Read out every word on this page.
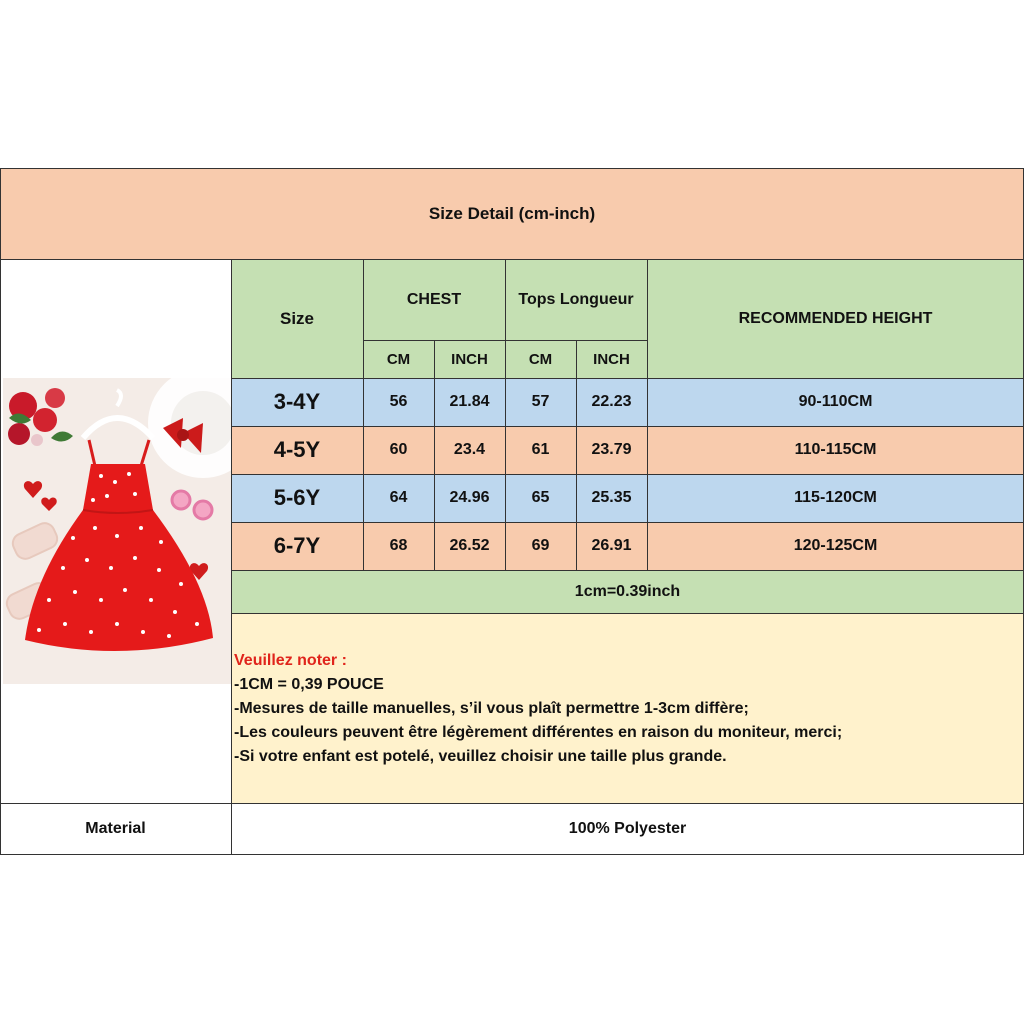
Size Detail (cm-inch)
Size
CHEST
CM	INCH
Tops Longueur
CM	INCH
RECOMMENDED HEIGHT
3-4Y	56	21.84	57	22.23	90-110CM
4-5Y	60	23.4	61	23.79	110-115CM
5-6Y	64	24.96	65	25.35	115-120CM
6-7Y	68	26.52	69	26.91	120-125CM
1cm=0.39inch
Veuillez noter :
-1CM = 0,39 POUCE
-Mesures de taille manuelles, s’il vous plaît permettre 1-3cm diffère;
-Les couleurs peuvent être légèrement différentes en raison du moniteur, merci;
-Si votre enfant est potelé, veuillez choisir une taille plus grande.
Material	100% Polyester
